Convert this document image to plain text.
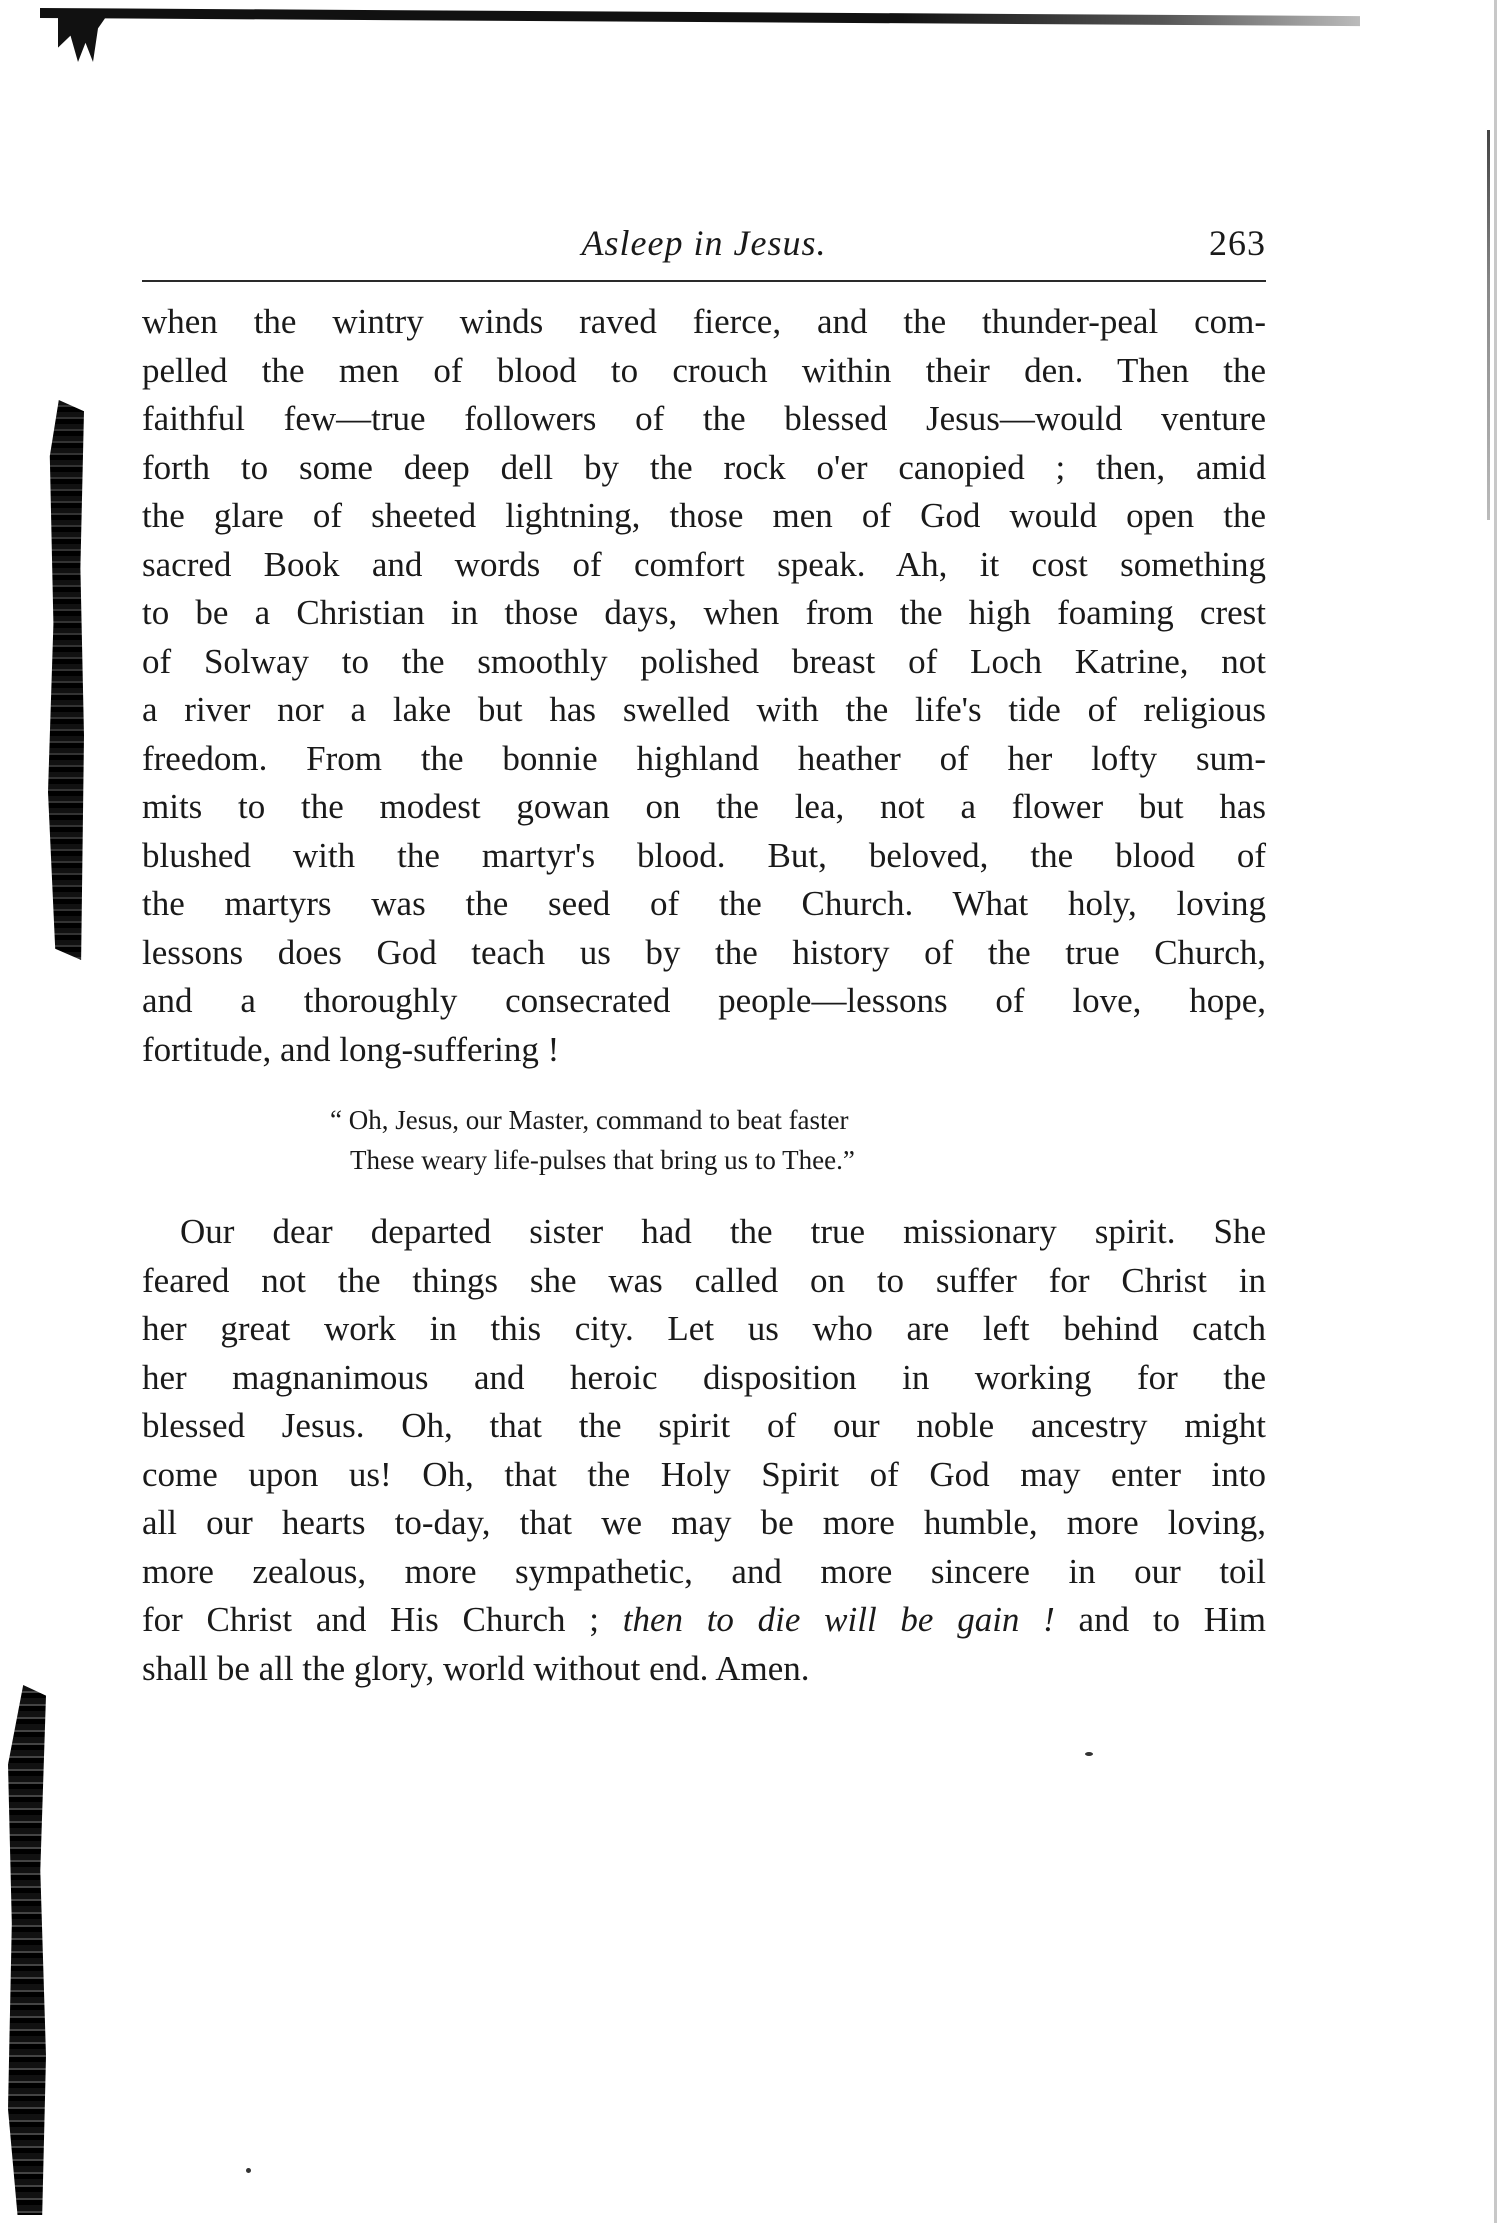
Asleep in Jesus.	263
when the wintry winds raved fierce, and the thunder-peal com-
pelled the men of blood to crouch within their den. Then the
faithful few—true followers of the blessed Jesus—would venture
forth to some deep dell by the rock o'er canopied ; then, amid
the glare of sheeted lightning, those men of God would open the
sacred Book and words of comfort speak. Ah, it cost something
to be a Christian in those days, when from the high foaming crest
of Solway to the smoothly polished breast of Loch Katrine, not
a river nor a lake but has swelled with the life's tide of religious
freedom. From the bonnie highland heather of her lofty sum-
mits to the modest gowan on the lea, not a flower but has
blushed with the martyr's blood. But, beloved, the blood of
the martyrs was the seed of the Church. What holy, loving
lessons does God teach us by the history of the true Church,
and a thoroughly consecrated people—lessons of love, hope,
fortitude, and long-suffering !
“ Oh, Jesus, our Master, command to beat faster
These weary life-pulses that bring us to Thee.”
Our dear departed sister had the true missionary spirit. She
feared not the things she was called on to suffer for Christ in
her great work in this city. Let us who are left behind catch
her magnanimous and heroic disposition in working for the
blessed Jesus. Oh, that the spirit of our noble ancestry might
come upon us! Oh, that the Holy Spirit of God may enter into
all our hearts to-day, that we may be more humble, more loving,
more zealous, more sympathetic, and more sincere in our toil
for Christ and His Church ; then to die will be gain ! and to Him
shall be all the glory, world without end. Amen.
